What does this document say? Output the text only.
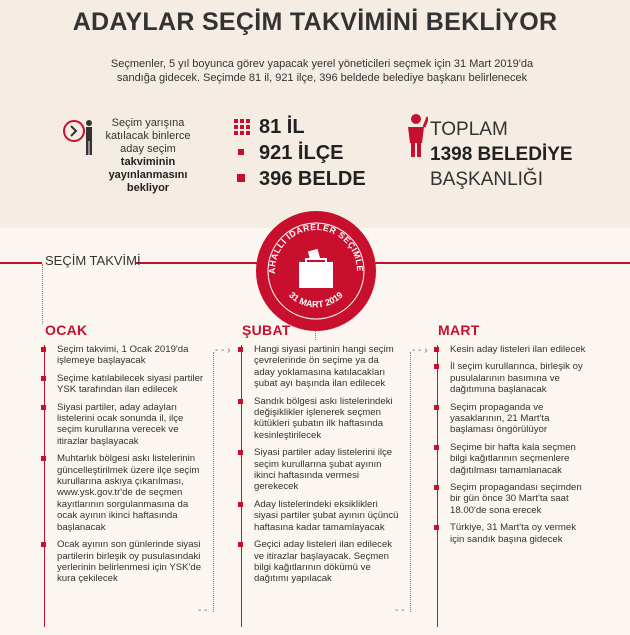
ADAYLAR SEÇİM TAKVİMİNİ BEKLİYOR
Seçmenler, 5 yıl boyunca görev yapacak yerel yöneticileri seçmek için 31 Mart 2019'da sandığa gidecek. Seçimde 81 il, 921 ilçe, 396 beldede belediye başkanı belirlenecek
Seçim yarışına
katılacak binlerce
aday seçim
takviminin
yayınlanmasını
bekliyor
81 İL
921 İLÇE
396 BELDE
TOPLAM
1398 BELEDİYE
BAŞKANLIĞI
SEÇİM TAKVİMİ
AHALLİ İDARELER SEÇİMLE
31 MART 2019
OCAK
Seçim takvimi, 1 Ocak 2019'da işlemeye başlayacak
Seçime katılabilecek siyasi partiler YSK tarafından ilan edilecek
Siyasi partiler, aday adayları listelerini ocak sonunda il, ilçe seçim kurullarına verecek ve itirazlar başlayacak
Muhtarlık bölgesi askı listelerinin güncelleştirilmek üzere ilçe seçim kurullarına askıya çıkarılması, www.ysk.gov.tr'de de seçmen kayıtlarının sorgulanmasına da ocak ayının ikinci haftasında başlanacak
Ocak ayının son günlerinde siyasi partilerin birleşik oy pusulasındaki yerlerinin belirlenmesi için YSK'de kura çekilecek
- - ›
- -
- - ›
- -
ŞUBAT
Hangi siyasi partinin hangi seçim çevrelerinde ön seçime ya da aday yoklamasına katılacakları şubat ayı başında ilan edilecek
Sandık bölgesi askı listelerindeki değişiklikler işlenerek seçmen kütükleri şubatın ilk haftasında kesinleştirilecek
Siyasi partiler aday listelerini ilçe seçim kurullarına şubat ayının ikinci haftasında vermesi gerekecek
Aday listelerindeki eksiklikleri siyasi partiler şubat ayının üçüncü haftasına kadar tamamlayacak
Geçici aday listeleri ilan edilecek ve itirazlar başlayacak. Seçmen bilgi kağıtlarının dökümü ve dağıtımı yapılacak
MART
Kesin aday listeleri ilan edilecek
İl seçim kurullarınca, birleşik oy pusulalarının basımına ve dağıtımına başlanacak
Seçim propaganda ve yasaklarının, 21 Mart'ta başlaması öngörülüyor
Seçime bir hafta kala seçmen bilgi kağıtlarının seçmenlere dağıtılması tamamlanacak
Seçim propagandası seçimden bir gün önce 30 Mart'ta saat 18.00'de sona erecek
Türkiye, 31 Mart'ta oy vermek için sandık başına gidecek
